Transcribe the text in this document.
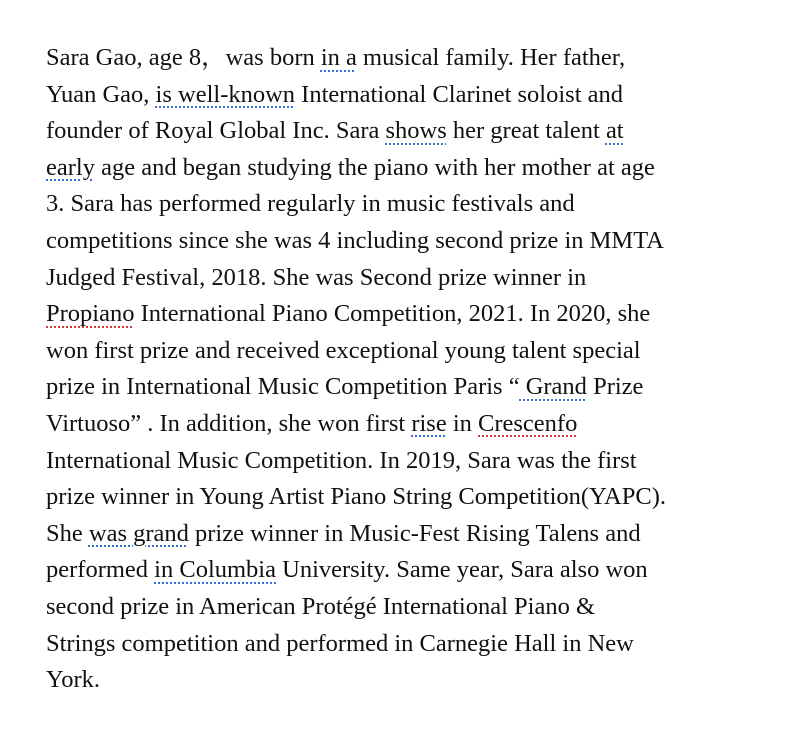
Sara Gao, age 8，was born in a musical family. Her father,
Yuan Gao, is well-known International Clarinet soloist and
founder of Royal Global Inc. Sara shows her great talent at
early age and began studying the piano with her mother at age
3. Sara has performed regularly in music festivals and
competitions since she was 4 including second prize in MMTA
Judged Festival, 2018. She was Second prize winner in
Propiano International Piano Competition, 2021. In 2020, she
won first prize and received exceptional young talent special
prize in International Music Competition Paris “ Grand Prize
Virtuoso” . In addition, she won first rise in Crescenfo
International Music Competition. In 2019, Sara was the first
prize winner in Young Artist Piano String Competition(YAPC).
She was grand prize winner in Music-Fest Rising Talens and
performed in Columbia University. Same year, Sara also won
second prize in American Protégé International Piano &
Strings competition and performed in Carnegie Hall in New
York.
